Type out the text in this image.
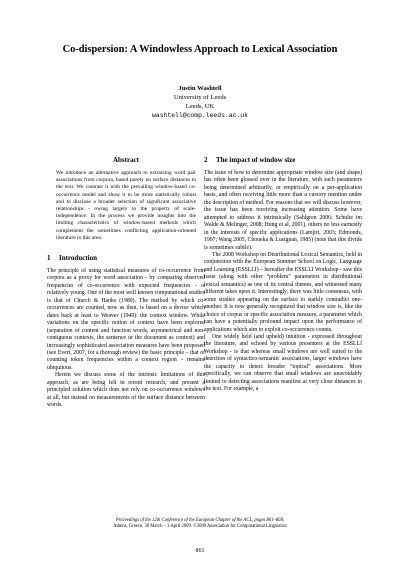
Co-dispersion: A Windowless Approach to Lexical Association
Justin Washtell
University of Leeds
Leeds, UK
washtell@comp.leeds.ac.uk
Abstract

We introduce an alternative approach to extracting word pair associations from corpora, based purely on surface distances in the text. We contrast it with the prevailing window-based co-occurrence model and show it to be more statistically robust and to disclose a broader selection of significant associative relationships - owing largely to the property of scale-independence. In the process we provide insights into the limiting characteristics of window-based methods which complement the sometimes conflicting application-oriented literature in this area.

1 Introduction

The principle of using statistical measures of co-occurrence from corpora as a proxy for word association - by comparing observed frequencies of co-occurrence with expected frequencies - is relatively young. One of the most well known computational studies is that of Church & Hanks (1989). The method by which co-occurrences are counted, now as then, is based on a device which dates back at least to Weaver (1949): the context window. While variations on the specific notion of context have been explored (separation of content and function words, asymmetrical and non-contiguous contexts, the sentence or the document as context) and increasingly sophisticated association measures have been proposed (see Evert, 2007, for a thorough review) the basic principle – that of counting token frequencies within a context region – remains ubiquitous.

Herein we discuss some of the intrinsic limitations of this approach, as are being felt in recent research, and present a principled solution which does not rely on co-occurrence windows at all, but instead on measurements of the surface distance between words.

2 The impact of window size

The issue of how to determine appropriate window size (and shape) has often been glossed over in the literature, with such parameters being determined arbitrarily, or empirically on a per-application basis, and often receiving little more than a cursory mention under the description of method. For reasons that we will discuss however, the issue has been receiving increasing attention. Some have attempted to address it intrinsically (Sahlgren 2006; Schulte im Walde & Melinger, 2008; Hung et al, 2001), others no less earnestly in the interests of specific applications (Lamjiri, 2003; Edmonds, 1997; Wang 2005, Choueka & Lusignan, 1985) (note that this divide is sometimes subtle).

The 2008 Workshop on Distributional Lexical Semantics, held in conjunction with the European Summer School on Logic, Language and Learning (ESSLLI) – hereafter the ESSLLI Workshop - saw this issue (along with other “problem” parameters in distributional lexical semantics) as one of its central themes, and witnessed many different takes upon it. Interestingly, there was little consensus, with some studies appearing on the surface to starkly contradict one-another. It is now generally recognized that window size is, like the choice of corpus or specific association measure, a parameter which can have a potentially profound impact upon the performance of applications which aim to exploit co-occurrence counts.

One widely held (and upheld) intuition - expressed throughout the literature, and echoed by various presenters at the ESSLLI Workshop - is that whereas small windows are well suited to the detection of syntactico-semantic associations, larger windows have the capacity to detect broader “topical” associations. More specifically, we can observe that small windows are unavoidably limited to detecting associations manifest at very close distances in the text. For example, a

Proceedings of the 12th Conference of the European Chapter of the ACL, pages 861–869,
Athens, Greece, 30 March – 3 April 2009. ©2009 Association for Computational Linguistics
861
